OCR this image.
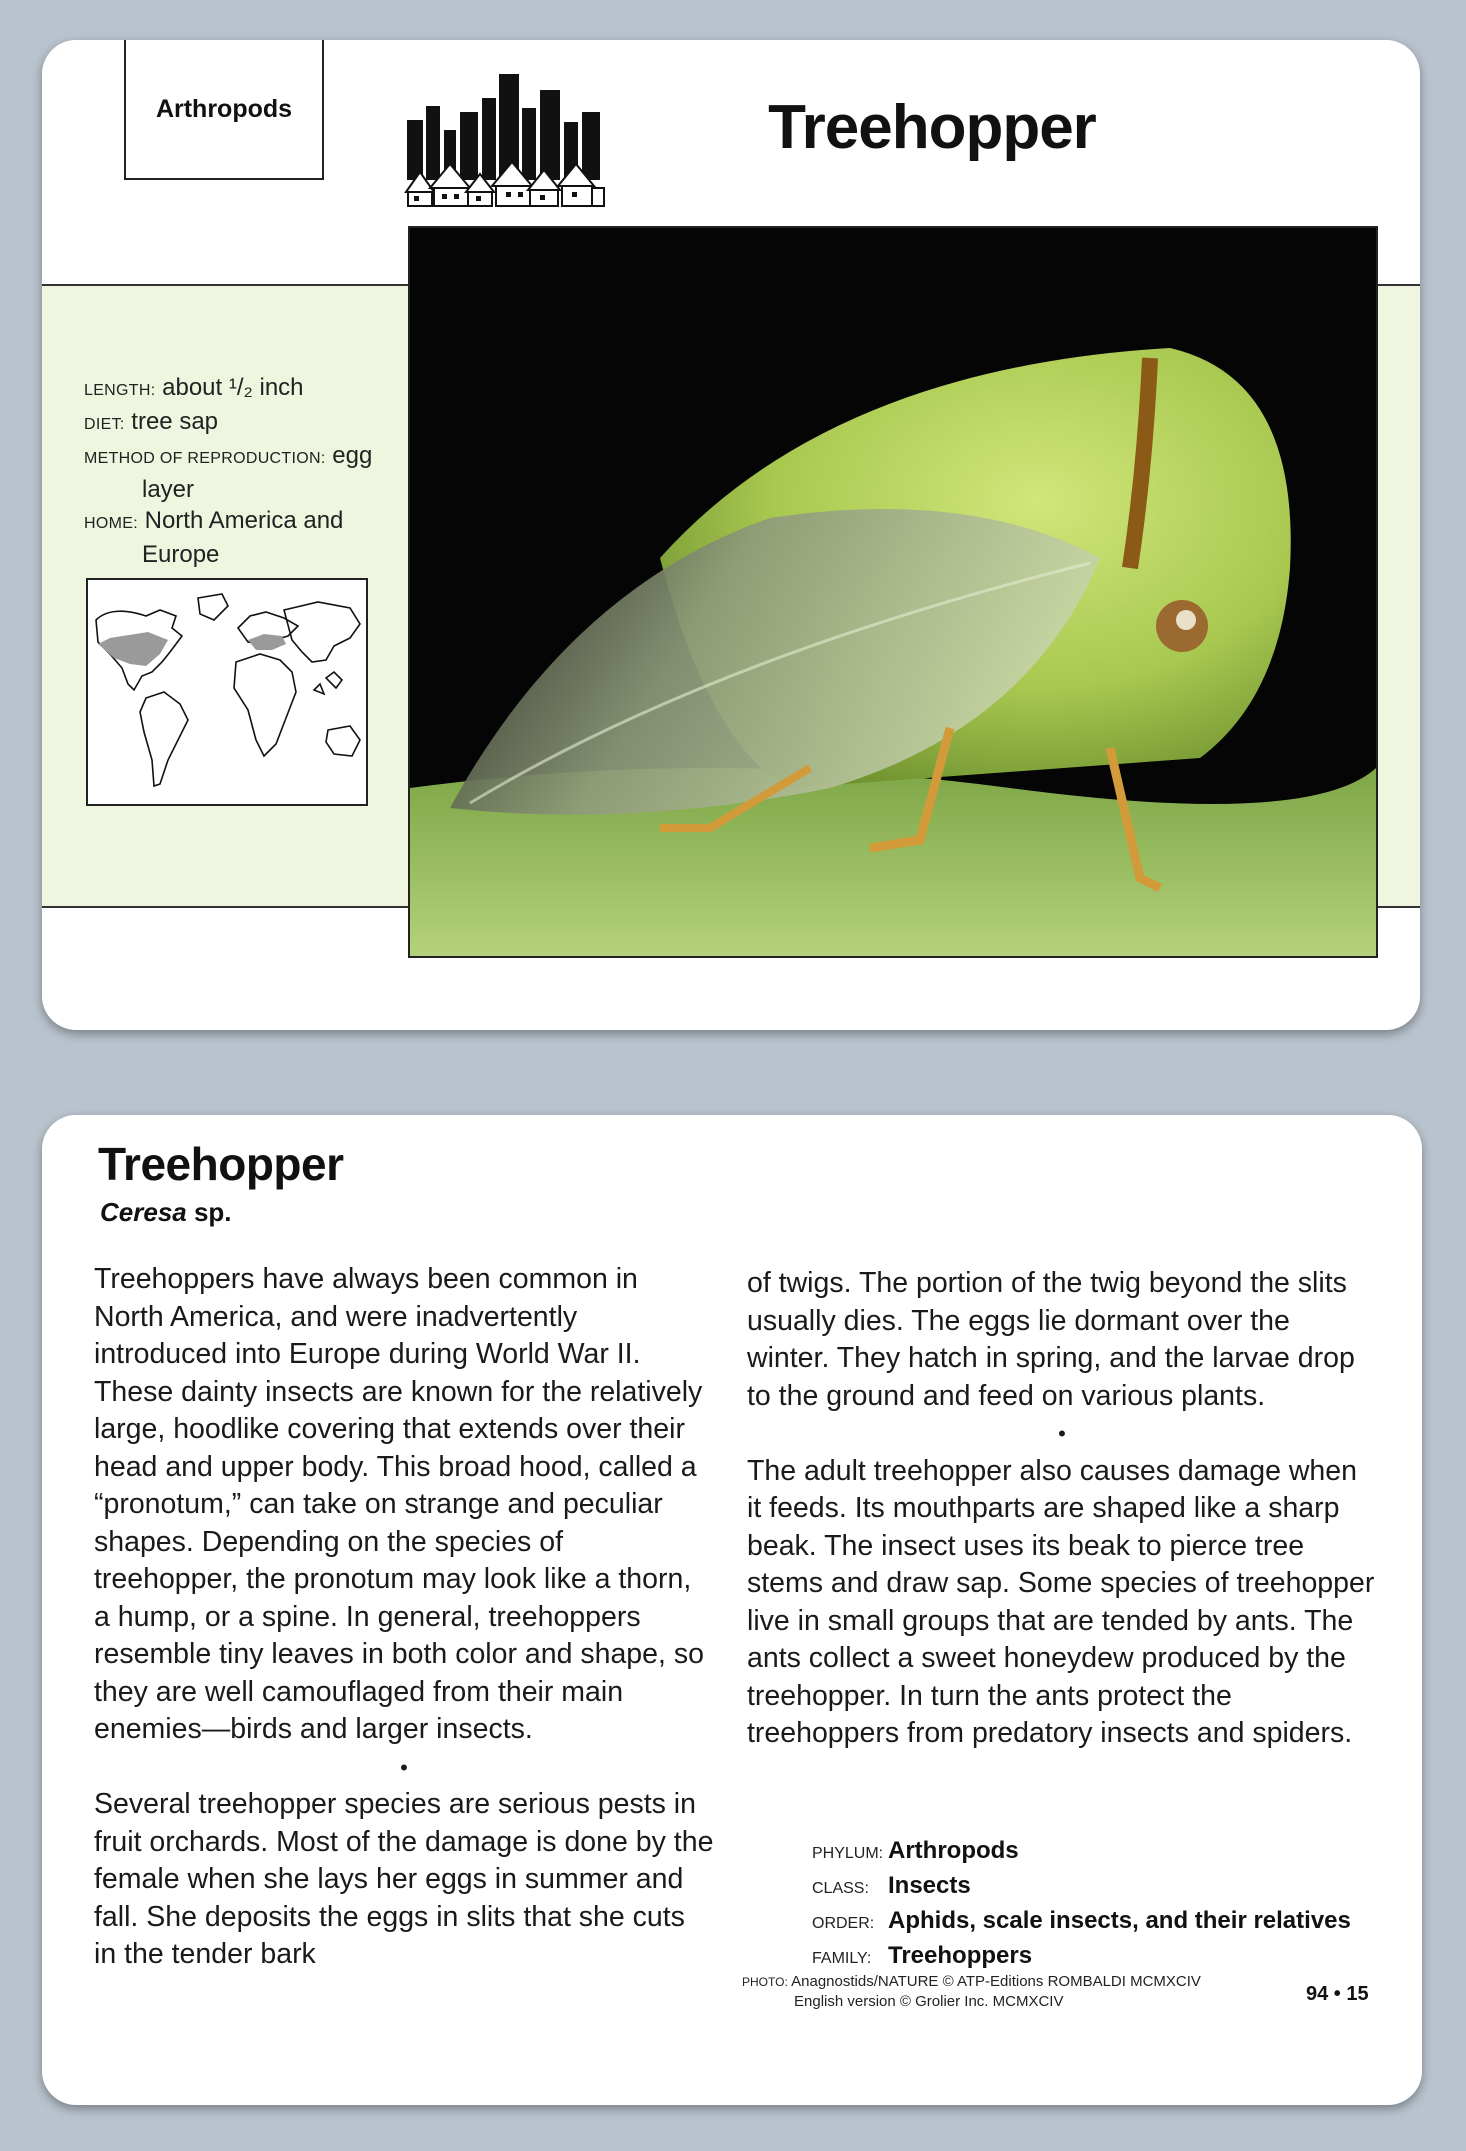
Arthropods	Treehopper
LENGTH: about ¹/₂ inch
DIET: tree sap
METHOD OF REPRODUCTION: egg
layer
HOME: North America and
Europe
Treehopper
Ceresa sp.

Treehoppers have always been common in North America, and were inadvertently introduced into Europe during World War II. These dainty insects are known for the relatively large, hoodlike covering that extends over their head and upper body. This broad hood, called a “pronotum,” can take on strange and peculiar shapes. Depending on the species of treehopper, the pronotum may look like a thorn, a hump, or a spine. In general, treehoppers resemble tiny leaves in both color and shape, so they are well camouflaged from their main enemies—birds and larger insects.

•

Several treehopper species are serious pests in fruit orchards. Most of the damage is done by the female when she lays her eggs in summer and fall. She deposits the eggs in slits that she cuts in the tender bark

of twigs. The portion of the twig beyond the slits usually dies. The eggs lie dormant over the winter. They hatch in spring, and the larvae drop to the ground and feed on various plants.

•

The adult treehopper also causes damage when it feeds. Its mouthparts are shaped like a sharp beak. The insect uses its beak to pierce tree stems and draw sap. Some species of treehopper live in small groups that are tended by ants. The ants collect a sweet honeydew produced by the treehopper. In turn the ants protect the treehoppers from predatory insects and spiders.

PHYLUM: Arthropods
CLASS: Insects
ORDER: Aphids, scale insects, and their relatives
FAMILY: Treehoppers
PHOTO: Anagnostids/NATURE © ATP-Editions ROMBALDI MCMXCIV
English version © Grolier Inc. MCMXCIV	94 • 15
